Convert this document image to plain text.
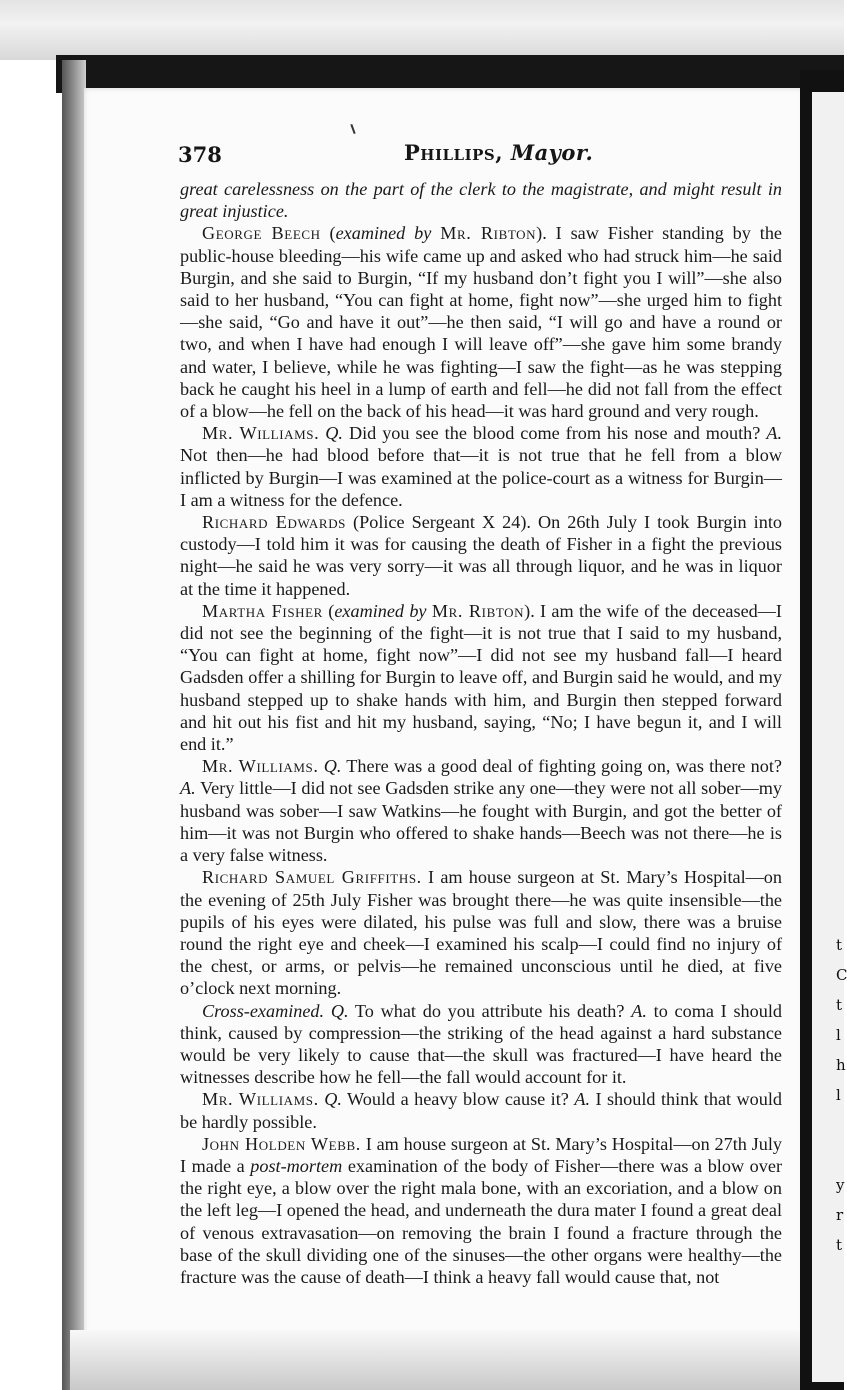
t
C
t
l
h
l

y
r
t
378	Phillips, Mayor.

great carelessness on the part of the clerk to the magistrate, and might result in great injustice.

George Beech (examined by Mr. Ribton). I saw Fisher standing by the public-house bleeding—his wife came up and asked who had struck him—he said Burgin, and she said to Burgin, “If my husband don’t fight you I will”—she also said to her husband, “You can fight at home, fight now”—she urged him to fight—she said, “Go and have it out”—he then said, “I will go and have a round or two, and when I have had enough I will leave off”—she gave him some brandy and water, I believe, while he was fighting—I saw the fight—as he was stepping back he caught his heel in a lump of earth and fell—he did not fall from the effect of a blow—he fell on the back of his head—it was hard ground and very rough.

Mr. Williams. Q. Did you see the blood come from his nose and mouth? A. Not then—he had blood before that—it is not true that he fell from a blow inflicted by Burgin—I was examined at the police-court as a witness for Burgin—I am a witness for the defence.

Richard Edwards (Police Sergeant X 24). On 26th July I took Burgin into custody—I told him it was for causing the death of Fisher in a fight the previous night—he said he was very sorry—it was all through liquor, and he was in liquor at the time it happened.

Martha Fisher (examined by Mr. Ribton). I am the wife of the deceased—I did not see the beginning of the fight—it is not true that I said to my husband, “You can fight at home, fight now”—I did not see my husband fall—I heard Gadsden offer a shilling for Burgin to leave off, and Burgin said he would, and my husband stepped up to shake hands with him, and Burgin then stepped forward and hit out his fist and hit my husband, saying, “No; I have begun it, and I will end it.”

Mr. Williams. Q. There was a good deal of fighting going on, was there not? A. Very little—I did not see Gadsden strike any one—they were not all sober—my husband was sober—I saw Watkins—he fought with Burgin, and got the better of him—it was not Burgin who offered to shake hands—Beech was not there—he is a very false witness.

Richard Samuel Griffiths. I am house surgeon at St. Mary’s Hospital—on the evening of 25th July Fisher was brought there—he was quite insensible—the pupils of his eyes were dilated, his pulse was full and slow, there was a bruise round the right eye and cheek—I examined his scalp—I could find no injury of the chest, or arms, or pelvis—he remained unconscious until he died, at five o’clock next morning.

Cross-examined. Q. To what do you attribute his death? A. to coma I should think, caused by compression—the striking of the head against a hard substance would be very likely to cause that—the skull was fractured—I have heard the witnesses describe how he fell—the fall would account for it.

Mr. Williams. Q. Would a heavy blow cause it? A. I should think that would be hardly possible.

John Holden Webb. I am house surgeon at St. Mary’s Hospital—on 27th July I made a post-mortem examination of the body of Fisher—there was a blow over the right eye, a blow over the right mala bone, with an excoriation, and a blow on the left leg—I opened the head, and underneath the dura mater I found a great deal of venous extravasation—on removing the brain I found a fracture through the base of the skull dividing one of the sinuses—the other organs were healthy—the fracture was the cause of death—I think a heavy fall would cause that, not
